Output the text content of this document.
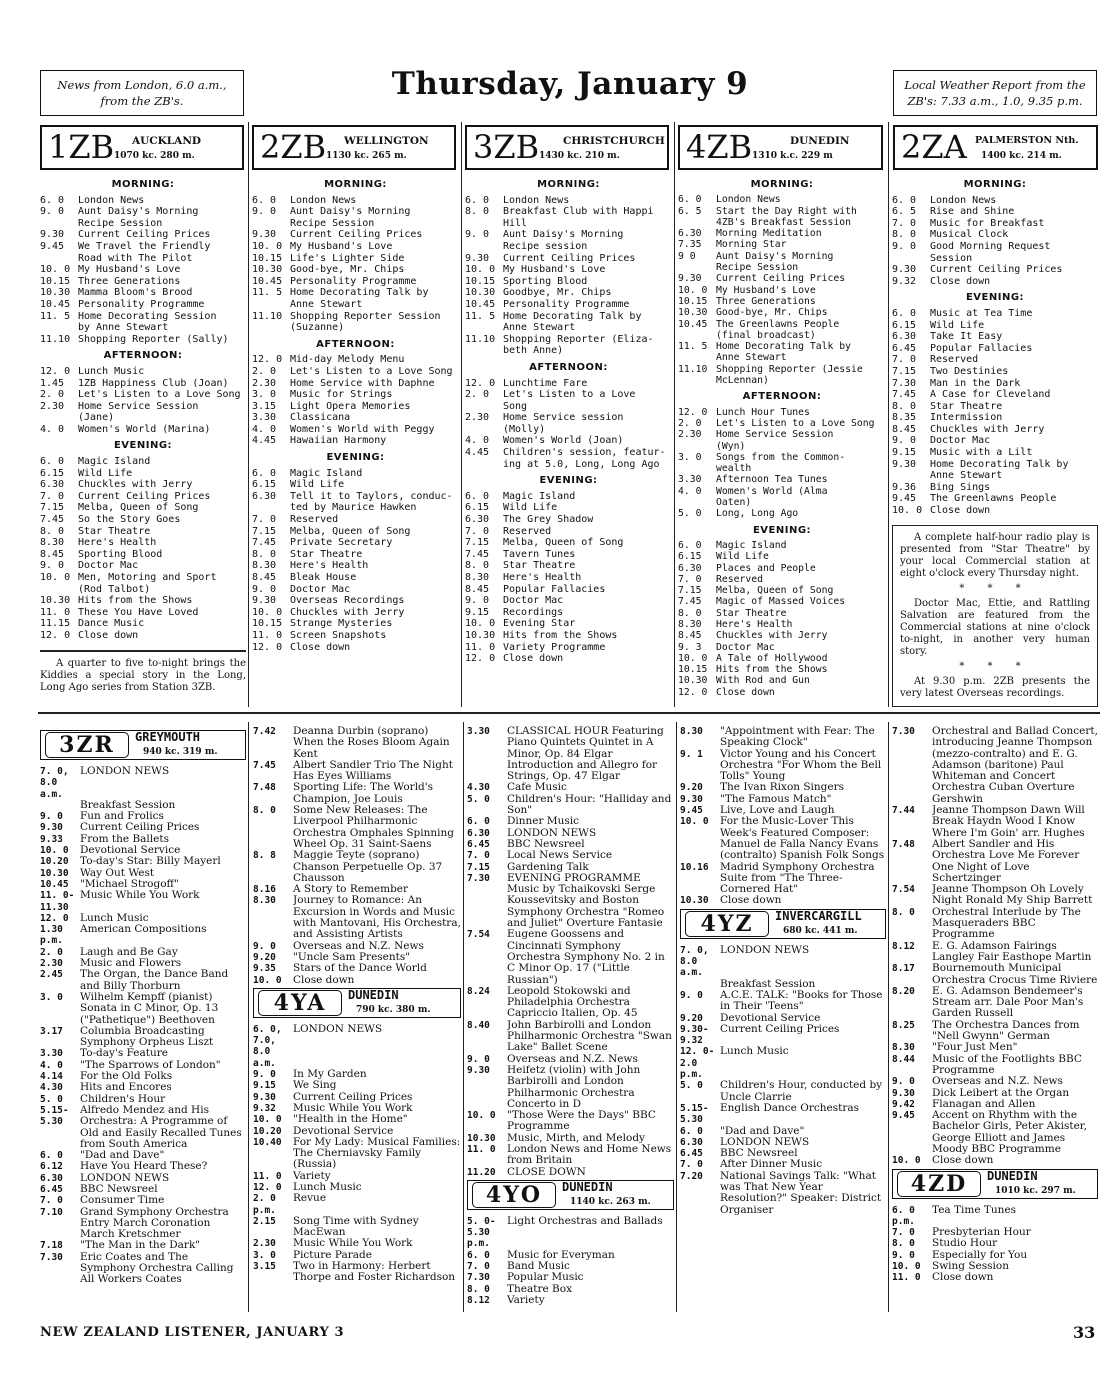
News from London, 6.0 a.m.,
from the ZB's.	Thursday, January 9	Local Weather Report from the
ZB's: 7.33 a.m., 1.0, 9.35 p.m.
1ZB AUCKLAND
1070 kc. 280 m. 2ZB WELLINGTON
1130 kc. 265 m. 3ZB CHRISTCHURCH
1430 kc. 210 m. 4ZB	DUNEDIN
1310 k.c. 229 m 2ZA PALMERSTON Nth.
1400 kc. 214 m.
MORNING:
6. 0	London News
9. 0	Aunt Daisy's Morning
Recipe Session
9.30	Current Ceiling Prices
9.45	We Travel the Friendly
Road with The Pilot
10. 0 My Husband's Love
10.15 Three Generations
10.30 Mamma Bloom's Brood
10.45 Personality Programme
11. 5 Home Decorating Session
by Anne Stewart
11.10 Shopping Reporter (Sally)
AFTERNOON:
12. 0 Lunch Music
1.45	1ZB Happiness Club (Joan)
2. 0	Let's Listen to a Love Song
2.30	Home Service Session
(Jane)
4. 0	Women's World (Marina)
EVENING:
6. 0	Magic Island
6.15	Wild Life
6.30	Chuckles with Jerry
7. 0	Current Ceiling Prices
7.15	Melba, Queen of Song
7.45	So the Story Goes
8. 0	Star Theatre
8.30	Here's Health
8.45	Sporting Blood
9. 0	Doctor Mac
10. 0 Men, Motoring and Sport
(Rod Talbot)
10.30 Hits from the Shows
11. 0 These You Have Loved
11.15 Dance Music
12. 0 Close down
A quarter to five to-night brings the Kiddies a special story in the Long, Long Ago series from Station 3ZB.
MORNING:
6. 0	London News
9. 0	Aunt Daisy's Morning
Recipe Session
9.30	Current Ceiling Prices
10. 0 My Husband's Love
10.15 Life's Lighter Side
10.30 Good-bye, Mr. Chips
10.45 Personality Programme
11. 5 Home Decorating Talk by
Anne Stewart
11.10 Shopping Reporter Session
(Suzanne)
AFTERNOON:
12. 0 Mid-day Melody Menu
2. 0	Let's Listen to a Love Song
2.30	Home Service with Daphne
3. 0	Music for Strings
3.15	Light Opera Memories
3.30	Classicana
4. 0	Women's World with Peggy
4.45	Hawaiian Harmony
EVENING:
6. 0	Magic Island
6.15	Wild Life
6.30	Tell it to Taylors, conduc-
ted by Maurice Hawken
7. 0	Reserved
7.15	Melba, Queen of Song
7.45	Private Secretary
8. 0	Star Theatre
8.30	Here's Health
8.45	Bleak House
9. 0	Doctor Mac
9.30	Overseas Recordings
10. 0 Chuckles with Jerry
10.15 Strange Mysteries
11. 0 Screen Snapshots
12. 0 Close down
MORNING:
6. 0	London News
8. 0	Breakfast Club with Happi
Hill
9. 0	Aunt Daisy's Morning
Recipe session
9.30	Current Ceiling Prices
10. 0 My Husband's Love
10.15 Sporting Blood
10.30 Goodbye, Mr. Chips
10.45 Personality Programme
11. 5 Home Decorating Talk by
Anne Stewart
11.10 Shopping Reporter (Eliza-
beth Anne)
AFTERNOON:
12. 0 Lunchtime Fare
2. 0	Let's Listen to a Love
Song
2.30	Home Service session
(Molly)
4. 0	Women's World (Joan)
4.45	Children's session, featur-
ing at 5.0, Long, Long Ago
EVENING:
6. 0	Magic Island
6.15	Wild Life
6.30	The Grey Shadow
7. 0	Reserved
7.15	Melba, Queen of Song
7.45	Tavern Tunes
8. 0	Star Theatre
8.30	Here's Health
8.45	Popular Fallacies
9. 0	Doctor Mac
9.15	Recordings
10. 0 Evening Star
10.30 Hits from the Shows
11. 0 Variety Programme
12. 0 Close down
MORNING:
6. 0	London News
6. 5	Start the Day Right with
4ZB's Breakfast Session
6.30	Morning Meditation
7.35	Morning Star
9 0	Aunt Daisy's Morning
Recipe Session
9.30	Current Ceiling Prices
10. 0 My Husband's Love
10.15 Three Generations
10.30 Good-bye, Mr. Chips
10.45 The Greenlawns People
(final broadcast)
11. 5 Home Decorating Talk by
Anne Stewart
11.10 Shopping Reporter (Jessie
McLennan)
AFTERNOON:
12. 0 Lunch Hour Tunes
2. 0	Let's Listen to a Love Song
2.30	Home Service Session
(Wyn)
3. 0	Songs from the Common-
wealth
3.30	Afternoon Tea Tunes
4. 0	Women's World (Alma
Oaten)
5. 0	Long, Long Ago
EVENING:
6. 0	Magic Island
6.15	Wild Life
6.30	Places and People
7. 0	Reserved
7.15	Melba, Queen of Song
7.45	Magic of Massed Voices
8. 0	Star Theatre
8.30	Here's Health
8.45	Chuckles with Jerry
9. 3	Doctor Mac
10. 0 A Tale of Hollywood
10.15 Hits from the Shows
10.30 With Rod and Gun
12. 0 Close down
MORNING:
6. 0	London News
6. 5	Rise and Shine
7. 0	Music for Breakfast
8. 0	Musical Clock
9. 0	Good Morning Request
Session
9.30	Current Ceiling Prices
9.32	Close down
EVENING:
6. 0	Music at Tea Time
6.15	Wild Life
6.30	Take It Easy
6.45	Popular Fallacies
7. 0	Reserved
7.15	Two Destinies
7.30	Man in the Dark
7.45	A Case for Cleveland
8. 0	Star Theatre
8.35	Intermission
8.45	Chuckles with Jerry
9. 0	Doctor Mac
9.15	Music with a Lilt
9.30	Home Decorating Talk by
Anne Stewart
9.36	Bing Sings
9.45	The Greenlawns People
10. 0 Close down

A complete half-hour radio play is presented from "Star Theatre" by your local Commercial station at eight o'clock every Thursday night.

* * *

Doctor Mac, Ettie, and Rattling Salvation are featured from the Commercial stations at nine o'clock to-night, in another very human story.

* * *

At 9.30 p.m. 2ZB presents the very latest Overseas recordings.

3ZR	GREYMOUTH
940 kc. 319 m.
7. 0, 8.0 a.m.
LONDON NEWS
Breakfast Session
9. 0	Fun and Frolics
9.30	Current Ceiling Prices
9.33	From the Ballets
10. 0	Devotional Service
10.20	To-day's Star: Billy Mayerl
10.30	Way Out West
10.45	"Michael Strogoff"
11. 0-11.30
Music While You Work
12. 0	Lunch Music
1.30 p.m.
American Compositions
2. 0	Laugh and Be Gay
2.30	Music and Flowers
2.45	The Organ, the Dance Band and Billy Thorburn
3. 0	Wilhelm Kempff (pianist) Sonata in C Minor, Op. 13 ("Pathetique") Beethoven
3.17	Columbia Broadcasting Symphony Orpheus Liszt
3.30	To-day's Feature
4. 0	"The Sparrows of London"
4.14	For the Old Folks
4.30	Hits and Encores
5. 0	Children's Hour
5.15-5.30
Alfredo Mendez and His Orchestra: A Programme of Old and Easily Recalled Tunes from South America
6. 0	"Dad and Dave"
6.12	Have You Heard These?
6.30	LONDON NEWS
6.45	BBC Newsreel
7. 0	Consumer Time
7.10	Grand Symphony Orchestra Entry March Coronation March Kretschmer
7.18	"The Man in the Dark"
7.30	Eric Coates and The Symphony Orchestra Calling All Workers Coates
7.42	Deanna Durbin (soprano) When the Roses Bloom Again Kent
7.45	Albert Sandler Trio The Night Has Eyes Williams
7.48	Sporting Life: The World's Champion, Joe Louis
8. 0	Some New Releases: The Liverpool Philharmonic Orchestra Omphales Spinning Wheel Op. 31 Saint-Saens
8. 8	Maggie Teyte (soprano) Chanson Perpetuelle Op. 37 Chausson
8.16	A Story to Remember
8.30	Journey to Romance: An Excursion in Words and Music with Mantovani, His Orchestra, and Assisting Artists
9. 0	Overseas and N.Z. News
9.20	"Uncle Sam Presents"
9.35	Stars of the Dance World
10. 0	Close down
4YA	DUNEDIN
790 kc. 380 m.
6. 0, 7.0, 8.0 a.m.
LONDON NEWS
9. 0	In My Garden
9.15	We Sing
9.30	Current Ceiling Prices
9.32	Music While You Work
10. 0	"Health in the Home"
10.20	Devotional Service
10.40	For My Lady: Musical Families: The Cherniavsky Family (Russia)
11. 0	Variety
12. 0	Lunch Music
2. 0 p.m.
Revue
2.15	Song Time with Sydney MacEwan
2.30	Music While You Work
3. 0	Picture Parade
3.15	Two in Harmony: Herbert Thorpe and Foster Richardson
3.30	CLASSICAL HOUR Featuring Piano Quintets Quintet in A Minor, Op. 84 Elgar Introduction and Allegro for Strings, Op. 47 Elgar
4.30	Cafe Music
5. 0	Children's Hour: "Halliday and Son"
6. 0	Dinner Music
6.30	LONDON NEWS
6.45	BBC Newsreel
7. 0	Local News Service
7.15	Gardening Talk
7.30	EVENING PROGRAMME Music by Tchaikovski Serge Koussevitsky and Boston Symphony Orchestra "Romeo and Juliet" Overture Fantasie
7.54	Eugene Goossens and Cincinnati Symphony Orchestra Symphony No. 2 in C Minor Op. 17 ("Little Russian")
8.24	Leopold Stokowski and Philadelphia Orchestra Capriccio Italien, Op. 45
8.40	John Barbirolli and London Philharmonic Orchestra "Swan Lake" Ballet Scene
9. 0	Overseas and N.Z. News
9.30	Heifetz (violin) with John Barbirolli and London Philharmonic Orchestra Concerto in D
10. 0	"Those Were the Days" BBC Programme
10.30	Music, Mirth, and Melody
11. 0	London News and Home News from Britain
11.20	CLOSE DOWN
4YO	DUNEDIN
1140 kc. 263 m.
5. 0-5.30 p.m.
Light Orchestras and Ballads
6. 0	Music for Everyman
7. 0	Band Music
7.30	Popular Music
8. 0	Theatre Box
8.12	Variety
8.30	"Appointment with Fear: The Speaking Clock"
9. 1	Victor Young and his Concert Orchestra "For Whom the Bell Tolls" Young
9.20	The Ivan Rixon Singers
9.30	"The Famous Match"
9.45	Live, Love and Laugh
10. 0	For the Music-Lover This Week's Featured Composer: Manuel de Falla Nancy Evans (contralto) Spanish Folk Songs
10.16	Madrid Symphony Orchestra Suite from "The Three-Cornered Hat"
10.30	Close down
4YZ	INVERCARGILL
680 kc. 441 m.
7. 0, 8.0 a.m.
LONDON NEWS
Breakfast Session
9. 0	A.C.E. TALK: "Books for Those in Their 'Teens"
9.20	Devotional Service
9.30-9.32
Current Ceiling Prices
12. 0-2.0 p.m.
Lunch Music
5. 0	Children's Hour, conducted by Uncle Clarrie
5.15-5.30
English Dance Orchestras
6. 0	"Dad and Dave"
6.30	LONDON NEWS
6.45	BBC Newsreel
7. 0	After Dinner Music
7.20	National Savings Talk: "What was That New Year Resolution?" Speaker: District Organiser
7.30	Orchestral and Ballad Concert, introducing Jeanne Thompson (mezzo-contralto) and E. G. Adamson (baritone) Paul Whiteman and Concert Orchestra Cuban Overture Gershwin
7.44	Jeanne Thompson Dawn Will Break Haydn Wood I Know Where I'm Goin' arr. Hughes
7.48	Albert Sandler and His Orchestra Love Me Forever One Night of Love Schertzinger
7.54	Jeanne Thompson Oh Lovely Night Ronald My Ship Barrett
8. 0	Orchestral Interlude by The Masqueraders BBC Programme
8.12	E. G. Adamson Fairings Langley Fair Easthope Martin
8.17	Bournemouth Municipal Orchestra Crocus Time Riviere
8.20	E. G. Adamson Bendemeer's Stream arr. Dale Poor Man's Garden Russell
8.25	The Orchestra Dances from "Nell Gwynn" German
8.30	"Four Just Men"
8.44	Music of the Footlights BBC Programme
9. 0	Overseas and N.Z. News
9.30	Dick Leibert at the Organ
9.42	Flanagan and Allen
9.45	Accent on Rhythm with the Bachelor Girls, Peter Akister, George Elliott and James Moody BBC Programme
10. 0	Close down
4ZD	DUNEDIN
1010 kc. 297 m.
6. 0 p.m.
Tea Time Tunes
7. 0	Presbyterian Hour
8. 0	Studio Hour
9. 0	Especially for You
10. 0	Swing Session
11. 0	Close down
NEW ZEALAND LISTENER, JANUARY 3	33
